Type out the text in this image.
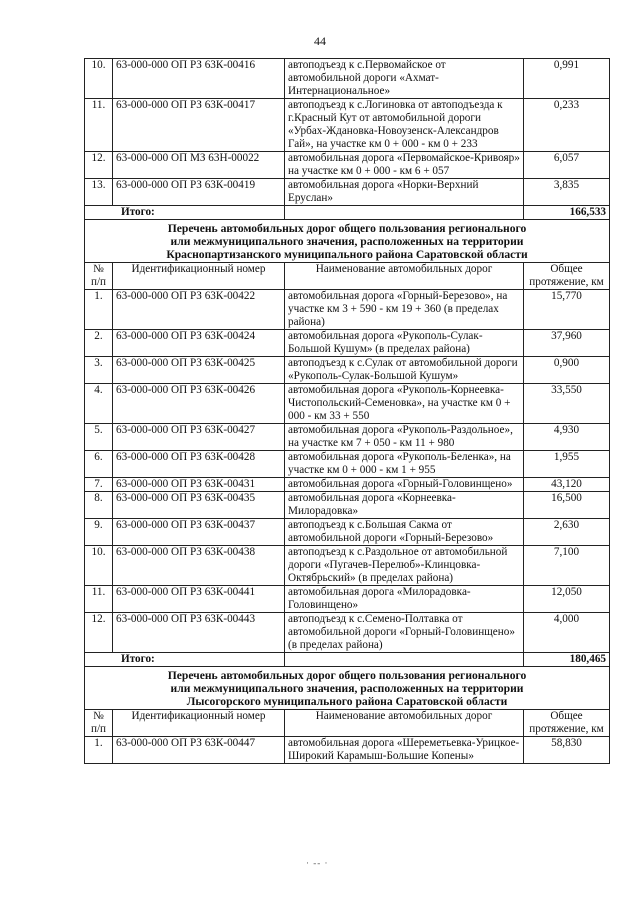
44
10.	63-000-000 ОП РЗ 63К-00416	автоподъезд к с.Первомайское от автомобильной дороги «Ахмат-Интернациональное»	0,991
11.	63-000-000 ОП РЗ 63К-00417	автоподъезд к с.Логиновка от автоподъезда к г.Красный Кут от автомобильной дороги «Урбах-Ждановка-Новоузенск-Александров Гай», на участке км 0 + 000 - км 0 + 233	0,233
12.	63-000-000 ОП МЗ 63Н-00022	автомобильная дорога «Первомайское-Кривояр» на участке км 0 + 000 - км 6 + 057	6,057
13.	63-000-000 ОП РЗ 63К-00419	автомобильная дорога «Норки-Верхний Еруслан»	3,835
Итого:			166,533

Перечень автомобильных дорог общего пользования регионального
или межмуниципального значения, расположенных на территории
Краснопартизанского муниципального района Саратовской области			

№ п/п	Идентификационный номер	Наименование автомобильных дорог	Общее протяжение, км
1.	63-000-000 ОП РЗ 63К-00422	автомобильная дорога «Горный-Березово», на участке км 3 + 590 - км 19 + 360 (в пределах района)	15,770
2.	63-000-000 ОП РЗ 63К-00424	автомобильная дорога «Рукополь-Сулак-Большой Кушум» (в пределах района)	37,960
3.	63-000-000 ОП РЗ 63К-00425	автоподъезд к с.Сулак от автомобильной дороги «Рукополь-Сулак-Большой Кушум»	0,900
4.	63-000-000 ОП РЗ 63К-00426	автомобильная дорога «Рукополь-Корнеевка-Чистопольский-Семеновка», на участке км 0 + 000 - км 33 + 550	33,550
5.	63-000-000 ОП РЗ 63К-00427	автомобильная дорога «Рукополь-Раздольное», на участке км 7 + 050 - км 11 + 980	4,930
6.	63-000-000 ОП РЗ 63К-00428	автомобильная дорога «Рукополь-Беленка», на участке км 0 + 000 - км 1 + 955	1,955
7.	63-000-000 ОП РЗ 63К-00431	автомобильная дорога «Горный-Головинщено»	43,120
8.	63-000-000 ОП РЗ 63К-00435	автомобильная дорога «Корнеевка-Милорадовка»	16,500
9.	63-000-000 ОП РЗ 63К-00437	автоподъезд к с.Большая Сакма от автомобильной дороги «Горный-Березово»	2,630
10.	63-000-000 ОП РЗ 63К-00438	автоподъезд к с.Раздольное от автомобильной дороги «Пугачев-Перелюб»-Клинцовка-Октябрьский» (в пределах района)	7,100
11.	63-000-000 ОП РЗ 63К-00441	автомобильная дорога «Милорадовка-Головинщено»	12,050
12.	63-000-000 ОП РЗ 63К-00443	автоподъезд к с.Семено-Полтавка от автомобильной дороги «Горный-Головинщено» (в пределах района)	4,000
Итого:			180,465

Перечень автомобильных дорог общего пользования регионального
или межмуниципального значения, расположенных на территории
Лысогорского муниципального района Саратовской области			

№ п/п	Идентификационный номер	Наименование автомобильных дорог	Общее протяжение, км
1.	63-000-000 ОП РЗ 63К-00447	автомобильная дорога «Шереметьевка-Урицкое-Широкий Карамыш-Большие Копены»	58,830
· -- ·
